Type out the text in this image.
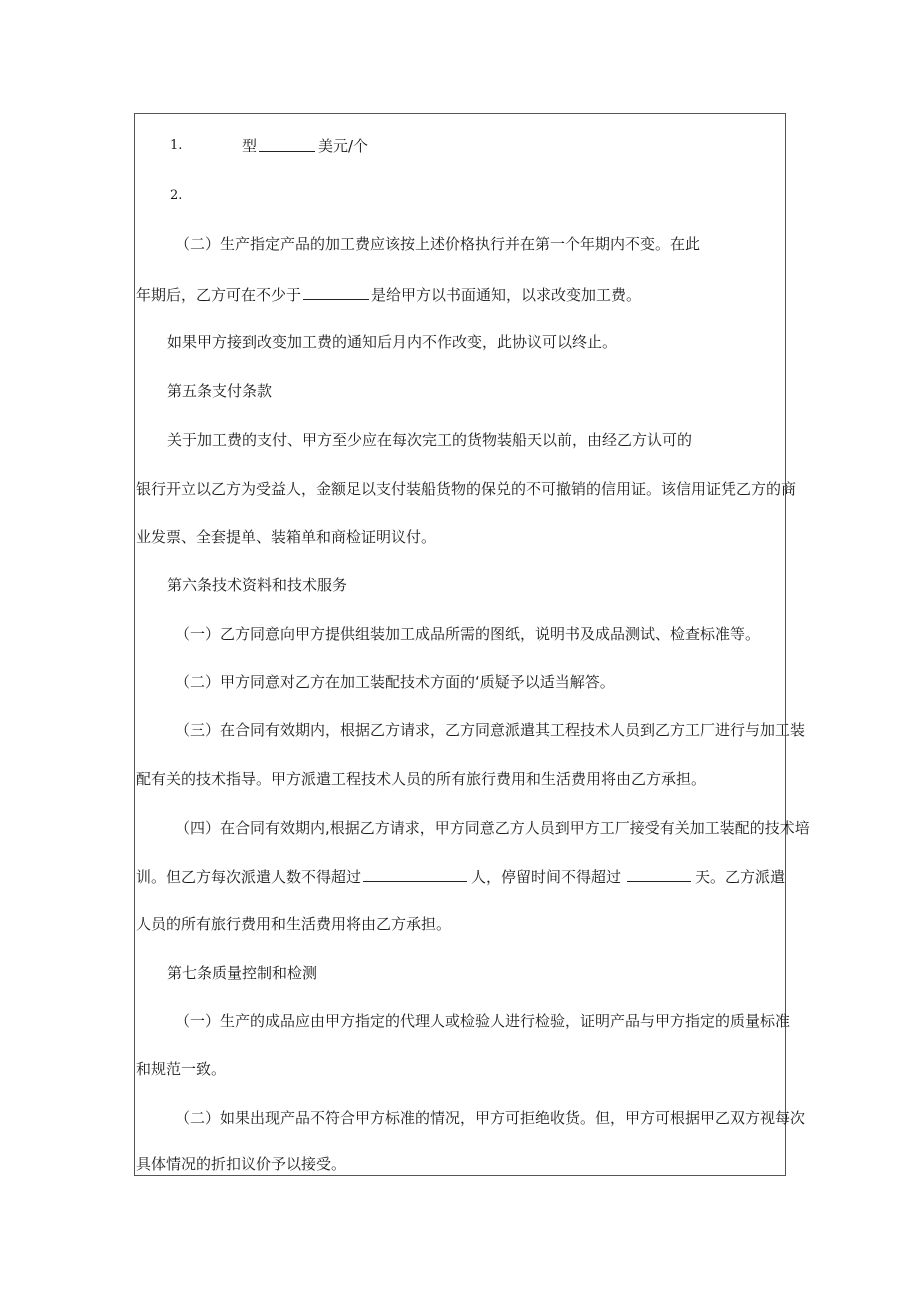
1.	型	美元/个
2.
（二）生产指定产品的加工费应该按上述价格执行并在第一个年期内不变。在此
年期后，乙方可在不少于	是给甲方以书面通知，以求改变加工费。
如果甲方接到改变加工费的通知后月内不作改变，此协议可以终止。
第五条支付条款
关于加工费的支付、甲方至少应在每次完工的货物装船天以前，由经乙方认可的
银行开立以乙方为受益人，金额足以支付装船货物的保兑的不可撤销的信用证。该信用证凭乙方的商
业发票、全套提单、装箱单和商检证明议付。
第六条技术资料和技术服务
（一）乙方同意向甲方提供组装加工成品所需的图纸，说明书及成品测试、检查标准等。
（二）甲方同意对乙方在加工装配技术方面的‘质疑予以适当解答。
（三）在合同有效期内，根据乙方请求，乙方同意派遣其工程技术人员到乙方工厂进行与加工装
配有关的技术指导。甲方派遣工程技术人员的所有旅行费用和生活费用将由乙方承担。
（四）在合同有效期内,根据乙方请求，甲方同意乙方人员到甲方工厂接受有关加工装配的技术培
训。但乙方每次派遣人数不得超过	人，停留时间不得超过	天。乙方派遣
人员的所有旅行费用和生活费用将由乙方承担。
第七条质量控制和检测
（一）生产的成品应由甲方指定的代理人或检验人进行检验，证明产品与甲方指定的质量标准
和规范一致。
（二）如果出现产品不符合甲方标准的情况，甲方可拒绝收货。但，甲方可根据甲乙双方视每次
具体情况的折扣议价予以接受。
